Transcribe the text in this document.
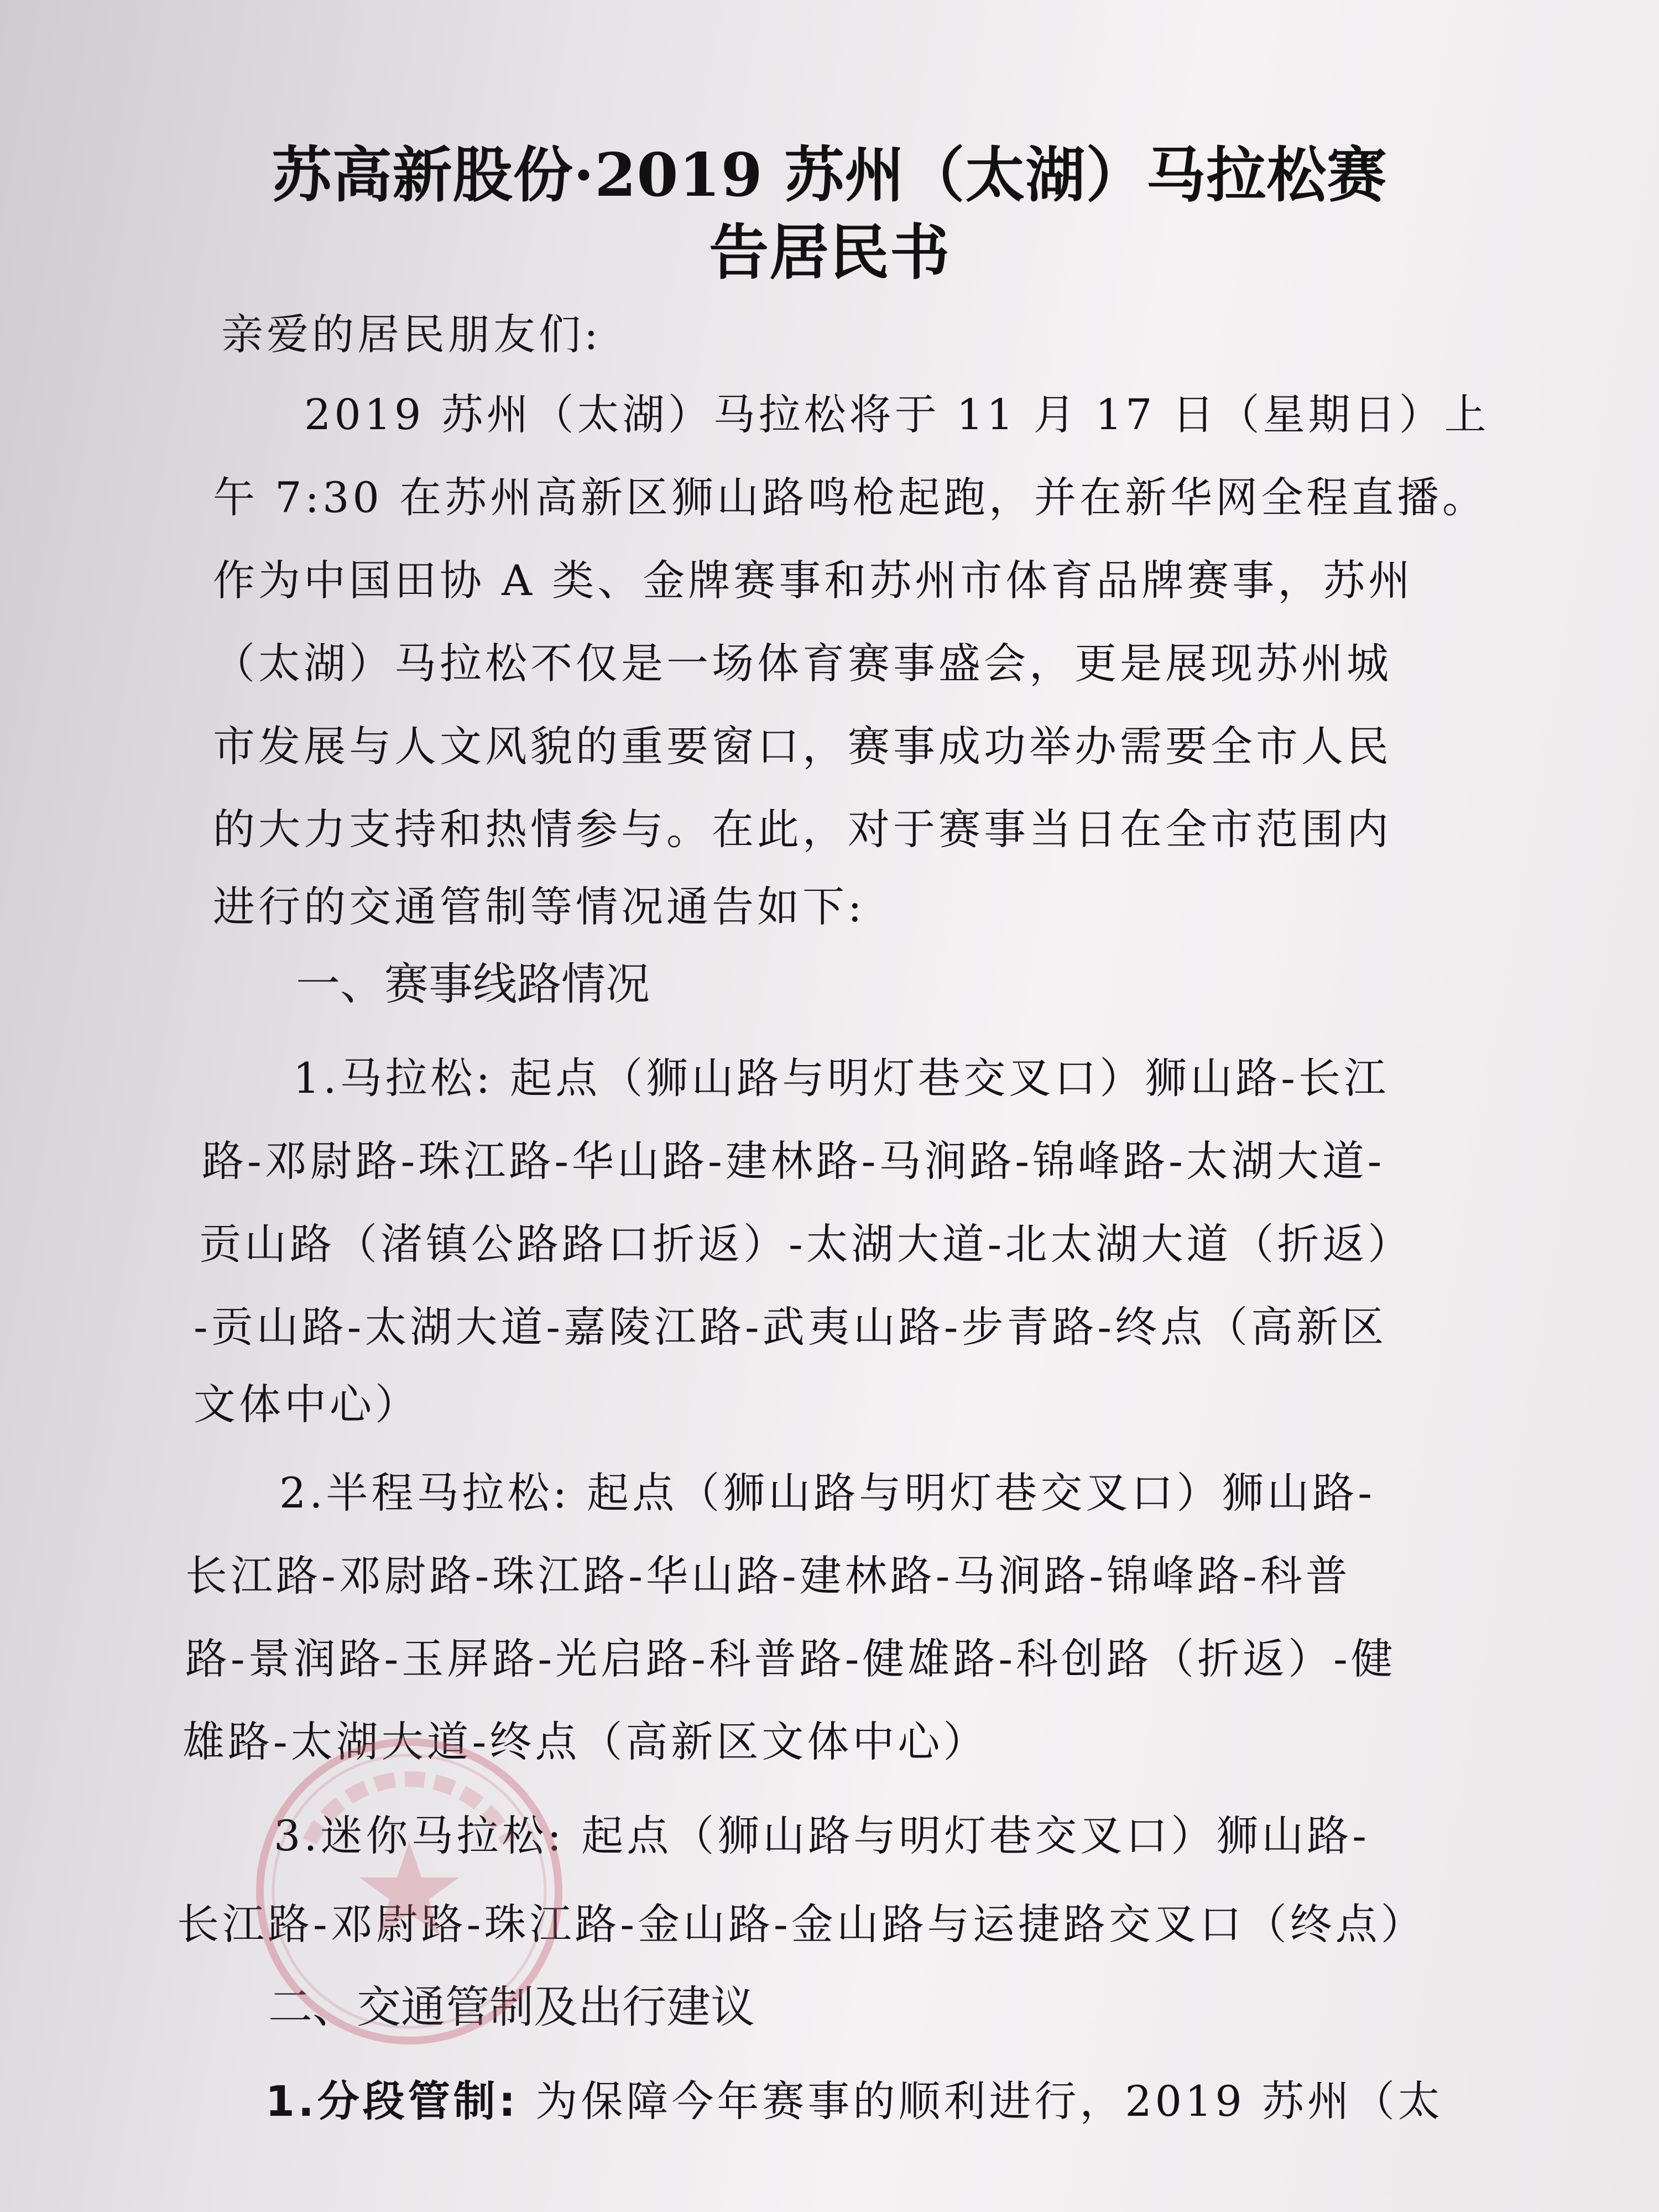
苏高新股份·2019 苏州（太湖）马拉松赛
告居民书
亲爱的居民朋友们:
2019 苏州（太湖）马拉松将于 11 月 17 日（星期日）上
午 7:30 在苏州高新区狮山路鸣枪起跑，并在新华网全程直播。
作为中国田协 A 类、金牌赛事和苏州市体育品牌赛事，苏州
（太湖）马拉松不仅是一场体育赛事盛会，更是展现苏州城
市发展与人文风貌的重要窗口，赛事成功举办需要全市人民
的大力支持和热情参与。在此，对于赛事当日在全市范围内
进行的交通管制等情况通告如下:
一、赛事线路情况
1.马拉松: 起点（狮山路与明灯巷交叉口）狮山路-长江
路-邓尉路-珠江路-华山路-建林路-马涧路-锦峰路-太湖大道-
贡山路（渚镇公路路口折返）-太湖大道-北太湖大道（折返）
-贡山路-太湖大道-嘉陵江路-武夷山路-步青路-终点（高新区
文体中心）
2.半程马拉松: 起点（狮山路与明灯巷交叉口）狮山路-
长江路-邓尉路-珠江路-华山路-建林路-马涧路-锦峰路-科普
路-景润路-玉屏路-光启路-科普路-健雄路-科创路（折返）-健
雄路-太湖大道-终点（高新区文体中心）
3.迷你马拉松: 起点（狮山路与明灯巷交叉口）狮山路-
长江路-邓尉路-珠江路-金山路-金山路与运捷路交叉口（终点）
二、交通管制及出行建议
1.分段管制: 为保障今年赛事的顺利进行，2019 苏州（太
